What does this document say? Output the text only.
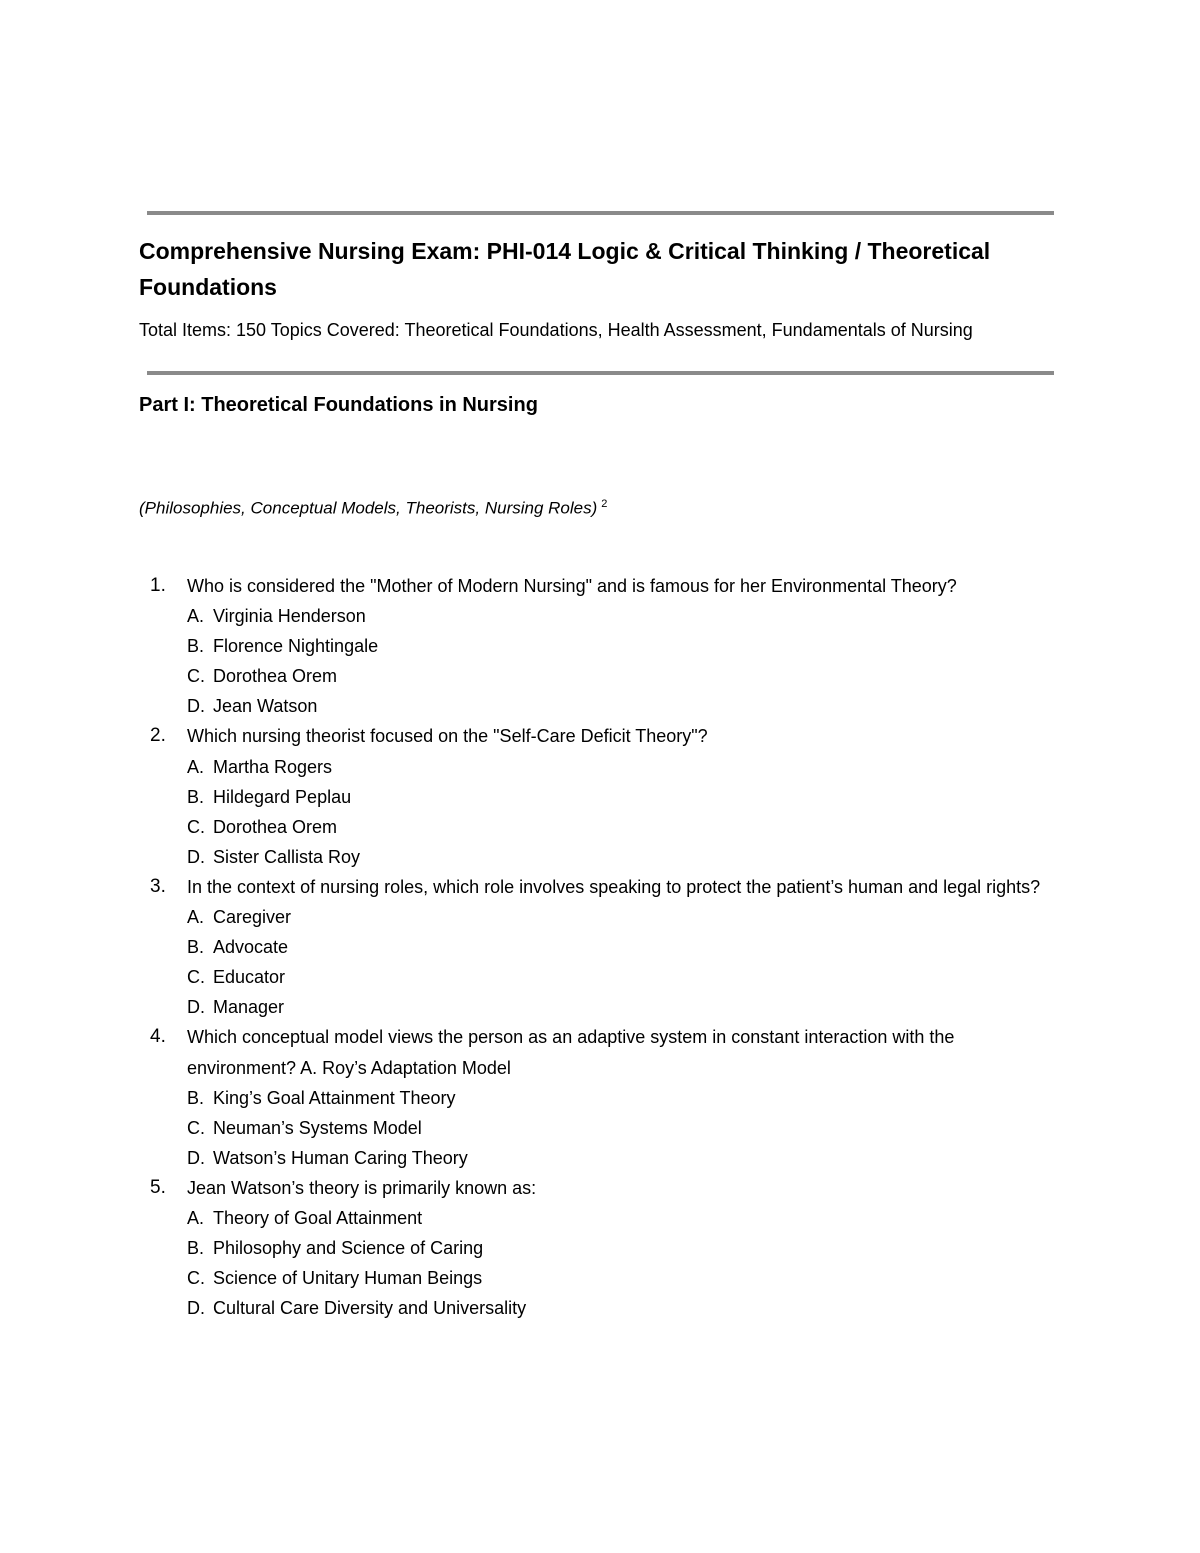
Comprehensive Nursing Exam: PHI-014 Logic & Critical Thinking / Theoretical Foundations
Total Items: 150 Topics Covered: Theoretical Foundations, Health Assessment, Fundamentals of Nursing
Part I: Theoretical Foundations in Nursing
(Philosophies, Conceptual Models, Theorists, Nursing Roles) $^2$
1.	Who is considered the "Mother of Modern Nursing" and is famous for her Environmental Theory?
A. Virginia Henderson
B. Florence Nightingale
C. Dorothea Orem
D. Jean Watson
2.	Which nursing theorist focused on the "Self-Care Deficit Theory"?
A. Martha Rogers
B. Hildegard Peplau
C. Dorothea Orem
D. Sister Callista Roy
3.	In the context of nursing roles, which role involves speaking to protect the patient’s human and legal rights?
A. Caregiver
B. Advocate
C. Educator
D. Manager
4.	Which conceptual model views the person as an adaptive system in constant interaction with the environment? A. Roy’s Adaptation Model
B. King’s Goal Attainment Theory
C. Neuman’s Systems Model
D. Watson’s Human Caring Theory
5.	Jean Watson’s theory is primarily known as:
A. Theory of Goal Attainment
B. Philosophy and Science of Caring
C. Science of Unitary Human Beings
D. Cultural Care Diversity and Universality
